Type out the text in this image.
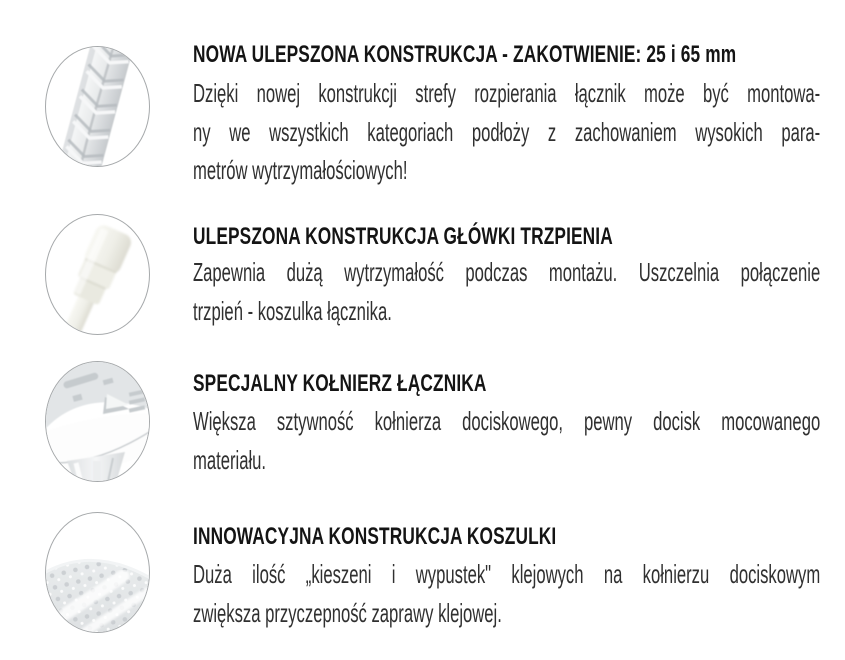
NOWA ULEPSZONA KONSTRUKCJA - ZAKOTWIENIE: 25 i 65 mm
Dzięki nowej konstrukcji strefy rozpierania łącznik może być montowa-
ny we wszystkich kategoriach podłoży z zachowaniem wysokich para-
metrów wytrzymałościowych!
ULEPSZONA KONSTRUKCJA GŁÓWKI TRZPIENIA
Zapewnia dużą wytrzymałość podczas montażu. Uszczelnia połączenie
trzpień - koszulka łącznika.
SPECJALNY KOŁNIERZ ŁĄCZNIKA
Większa sztywność kołnierza dociskowego, pewny docisk mocowanego
materiału.
INNOWACYJNA KONSTRUKCJA KOSZULKI
Duża ilość „kieszeni i wypustek" klejowych na kołnierzu dociskowym
zwiększa przyczepność zaprawy klejowej.
